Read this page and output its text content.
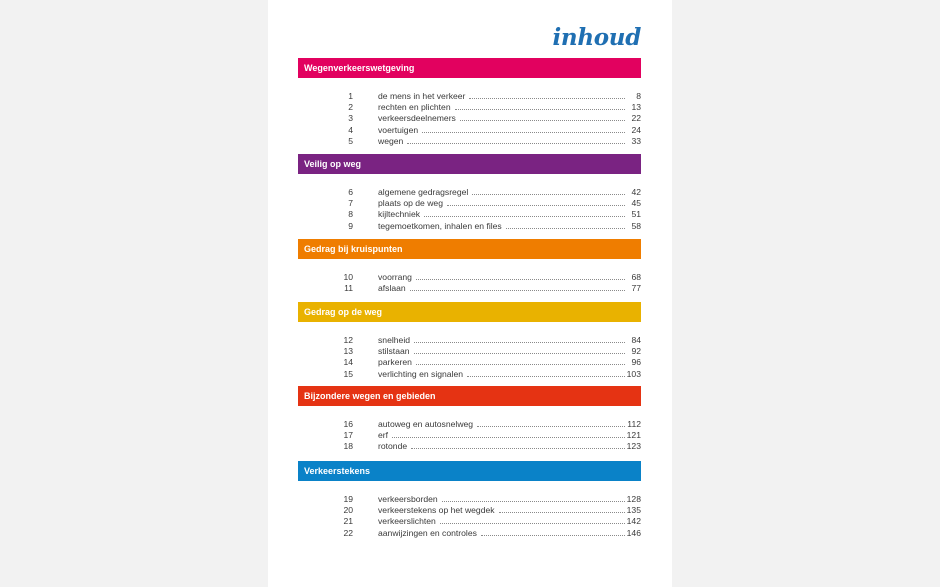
inhoud
Wegenverkeerswetgeving
1	de mens in het verkeer	8
2	rechten en plichten	13
3	verkeersdeelnemers	22
4	voertuigen	24
5	wegen	33
Veilig op weg
6	algemene gedragsregel	42
7	plaats op de weg	45
8	kijltechniek	51
9	tegemoetkomen, inhalen en files	58
Gedrag bij kruispunten
10	voorrang	68
11	afslaan	77
Gedrag op de weg
12	snelheid	84
13	stilstaan	92
14	parkeren	96
15	verlichting en signalen	103
Bijzondere wegen en gebieden
16	autoweg en autosnelweg	112
17	erf	121
18	rotonde	123
Verkeerstekens
19	verkeersborden	128
20	verkeerstekens op het wegdek	135
21	verkeerslichten	142
22	aanwijzingen en controles	146
